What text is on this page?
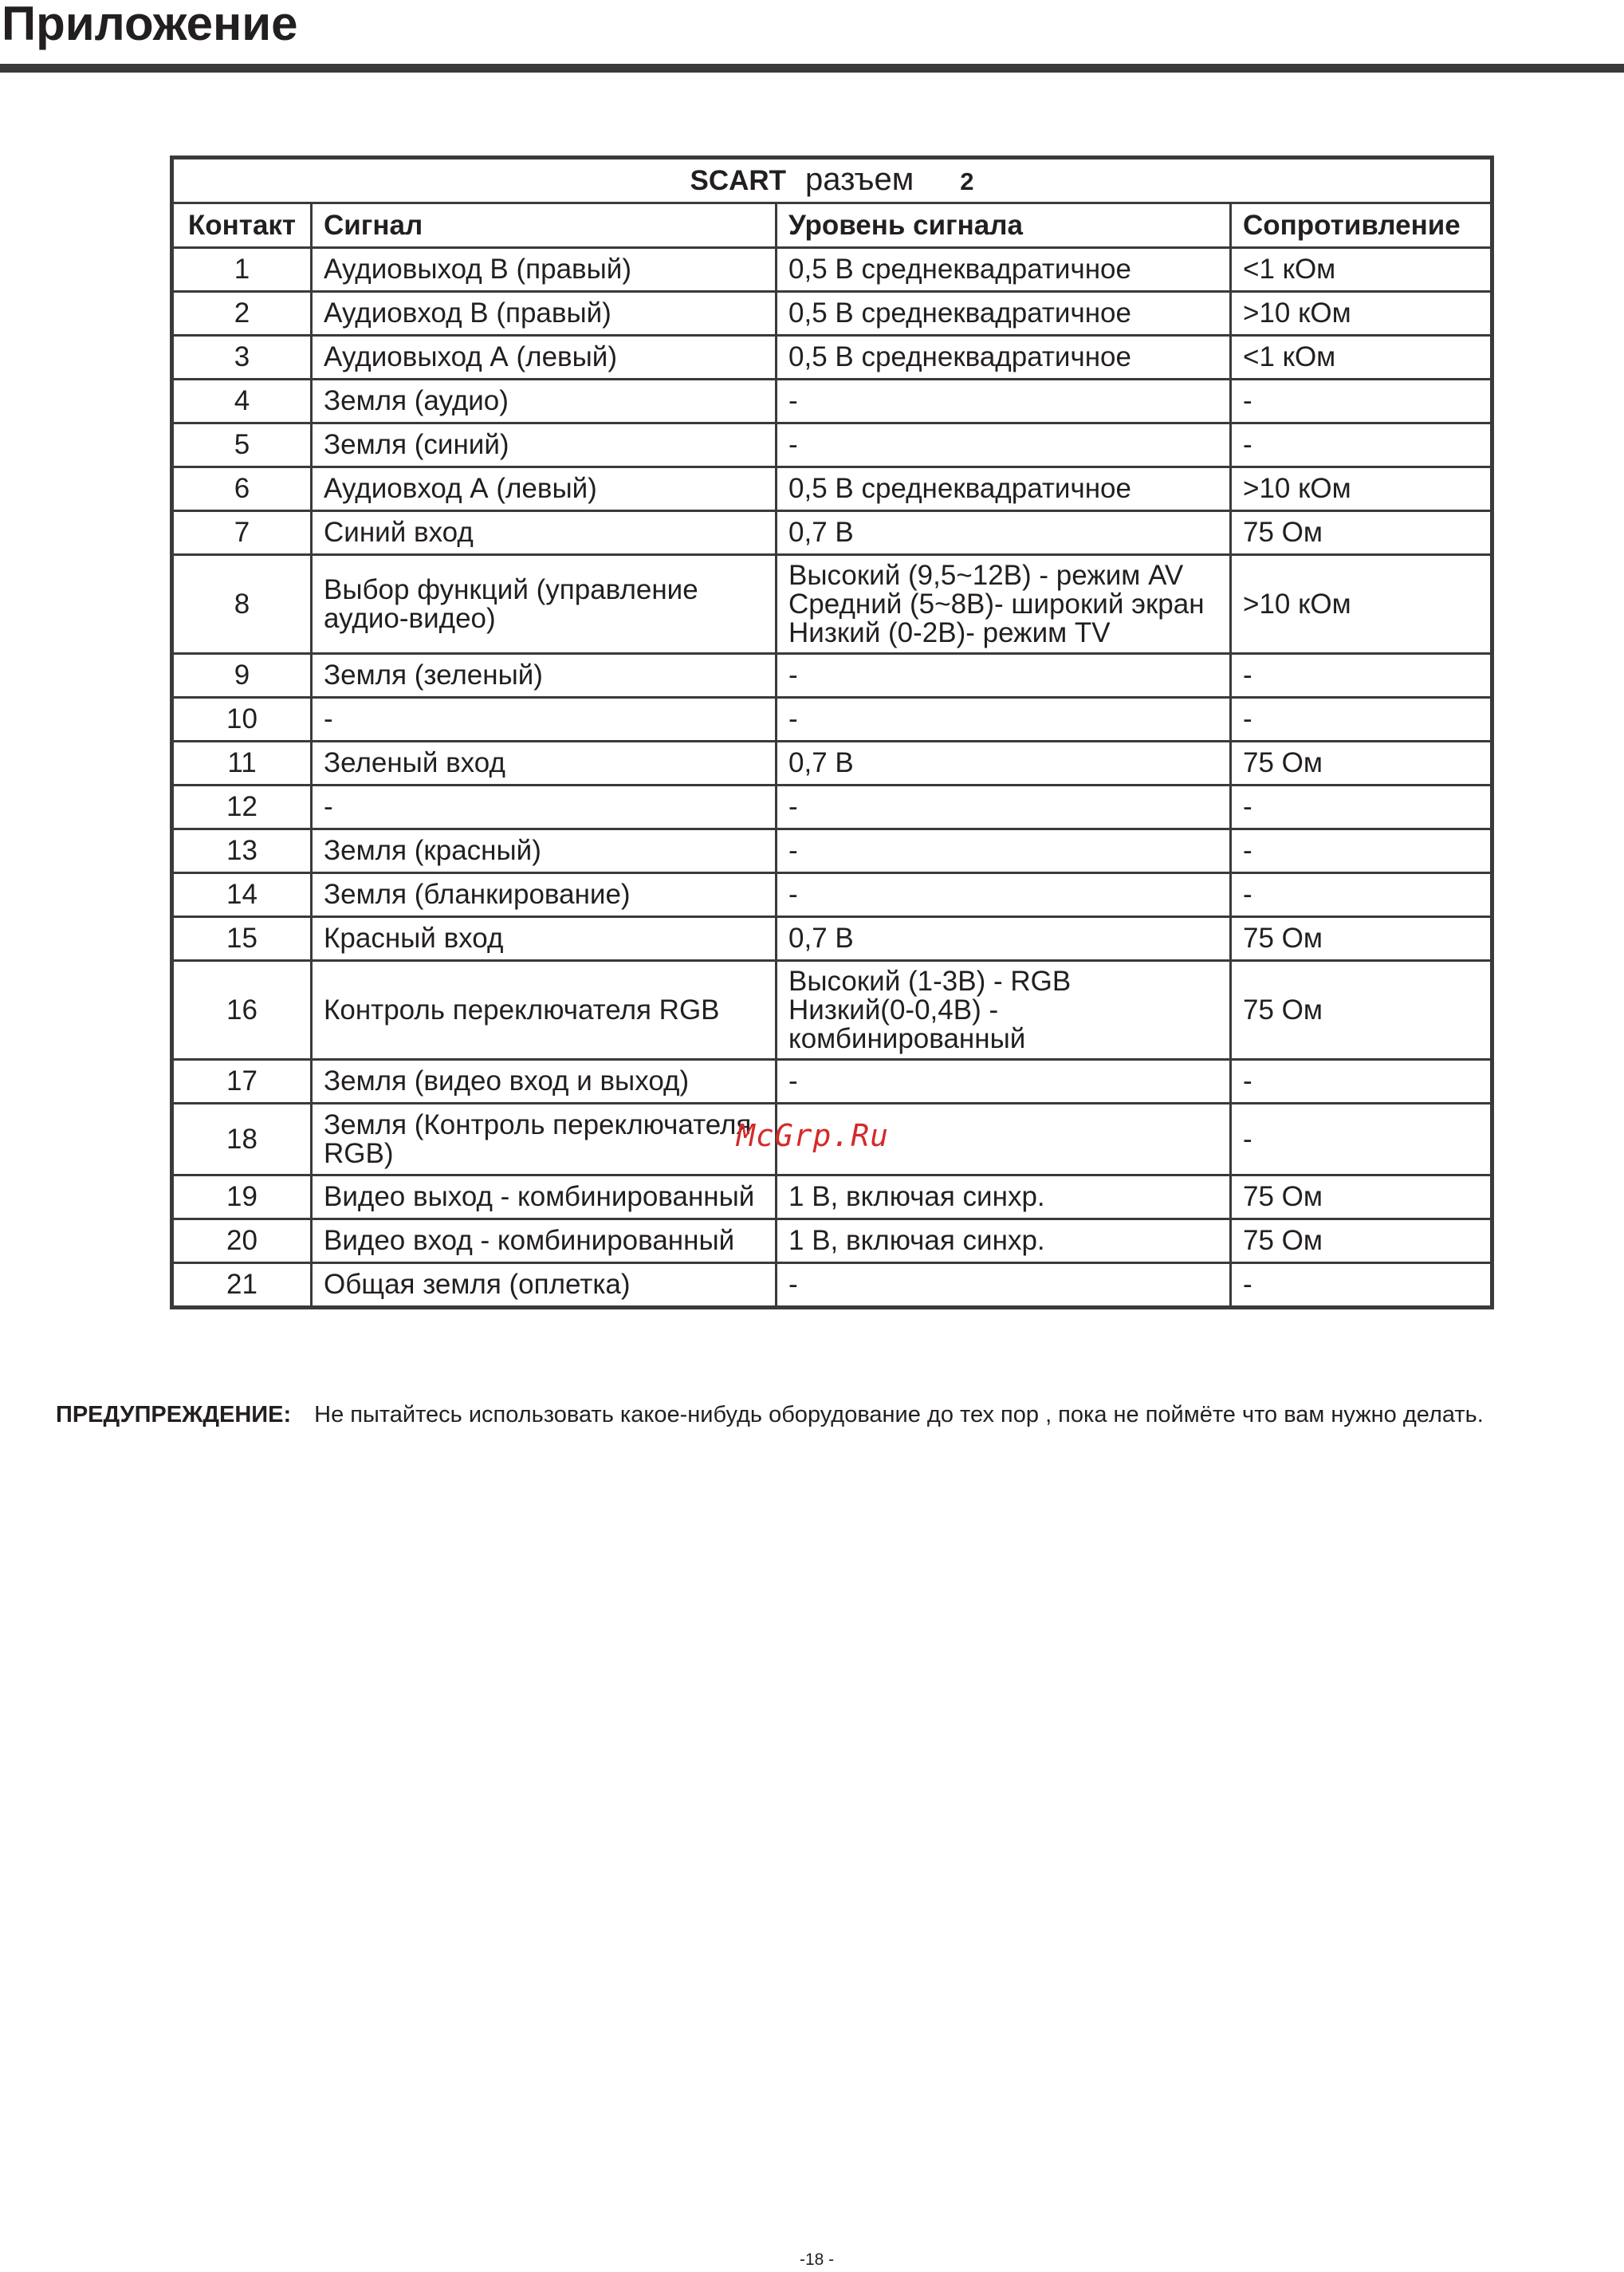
Приложение
SCART разъем 2			
Контакт	Сигнал	Уровень сигнала	Сопротивление
1	Аудиовыход В (правый)	0,5 В среднеквадратичное	<1 кОм
2	Аудиовход В (правый)	0,5 В среднеквадратичное	>10 кОм
3	Аудиовыход А (левый)	0,5 В среднеквадратичное	<1 кОм
4	Земля (аудио)	-	-
5	Земля (синий)	-	-
6	Аудиовход А (левый)	0,5 В среднеквадратичное	>10 кОм
7	Синий вход	0,7 В	75 Ом
8	Выбор функций (управление аудио-видео)	Высокий (9,5~12В) - режим AV
Средний (5~8В)- широкий экран
Низкий (0-2В)- режим TV	>10 кОм
9	Земля (зеленый)	-	-
10	-	-	-
11	Зеленый вход	0,7 В	75 Ом
12	-	-	-
13	Земля (красный)	-	-
14	Земля (бланкирование)	-	-
15	Красный вход	0,7 В	75 Ом
16	Контроль переключателя RGB	Высокий (1-3В) - RGB
Низкий(0-0,4В) -
комбинированный	75 Ом
17	Земля (видео вход и выход)	-	-
18	Земля (Контроль переключателя RGB)		-
19	Видео выход - комбинированный	1 В, включая синхр.	75 Ом
20	Видео вход - комбинированный	1 В, включая синхр.	75 Ом
21	Общая земля (оплетка)	-	-
McGrp.Ru
ПРЕДУПРЕЖДЕНИЕ: Не пытайтесь использовать какое-нибудь оборудование до тех пор , пока не поймёте что вам нужно делать.
-18 -
